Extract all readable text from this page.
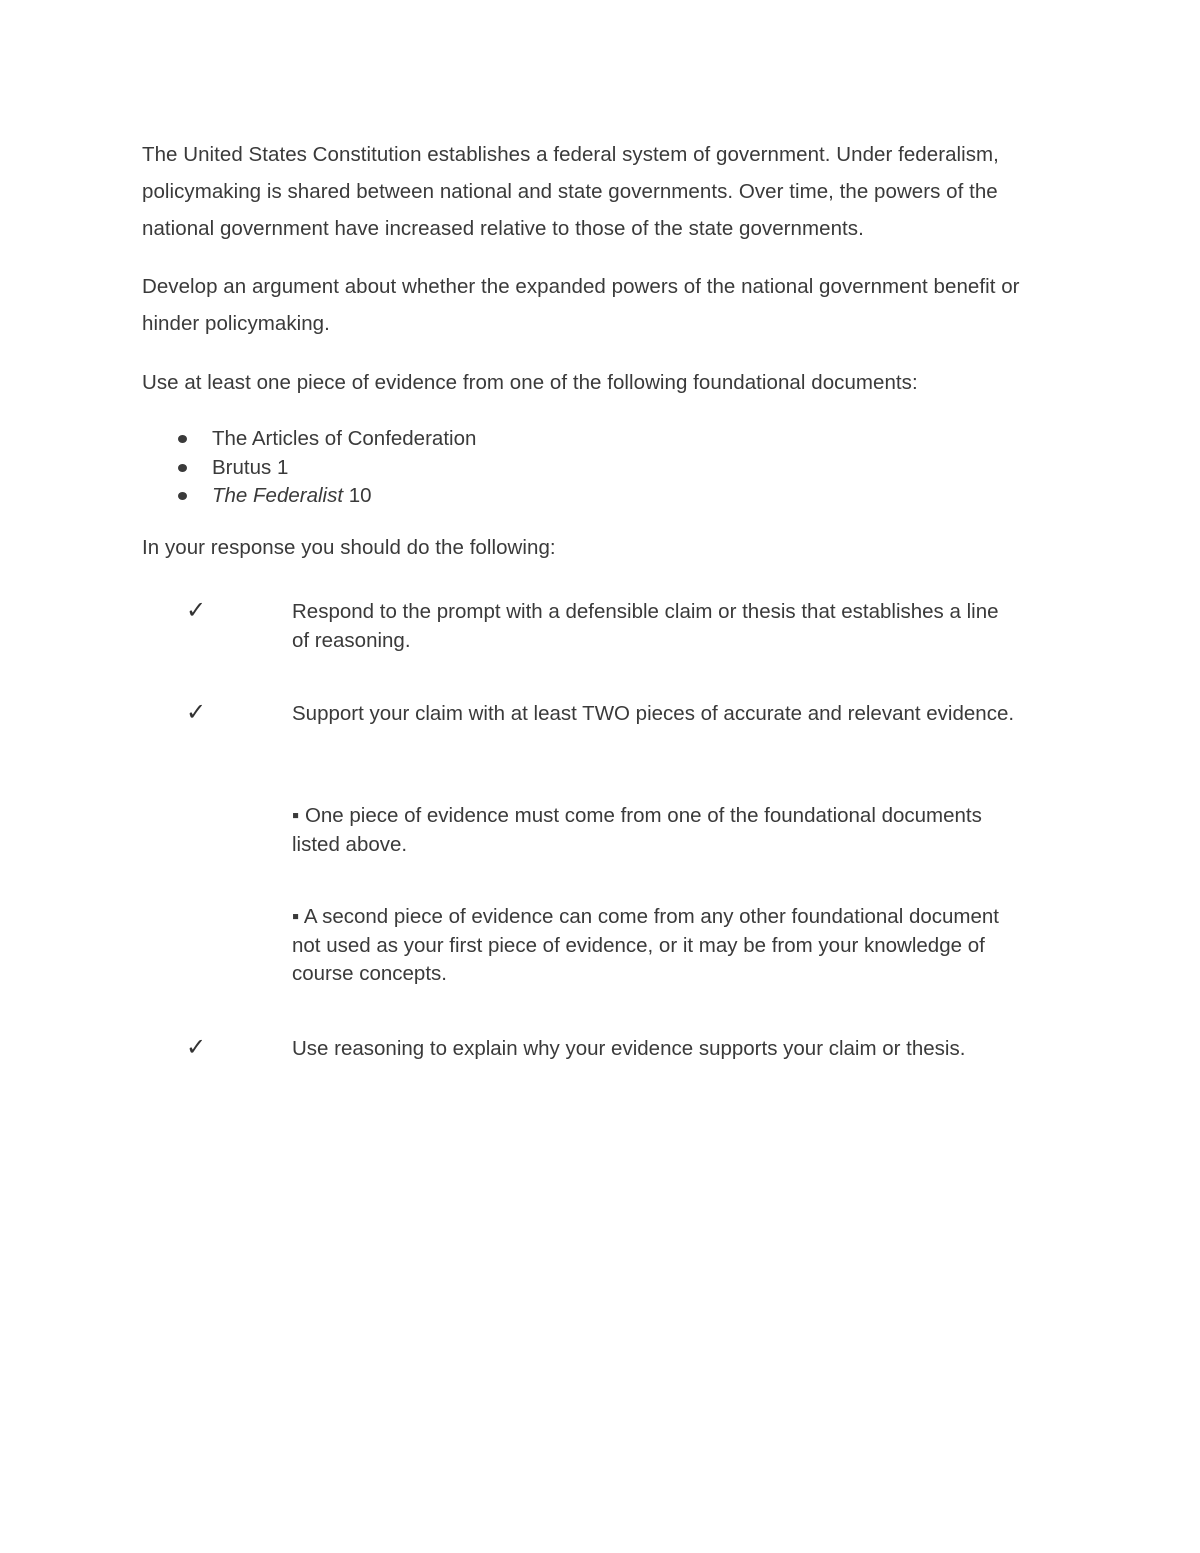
The United States Constitution establishes a federal system of government. Under federalism, policymaking is shared between national and state governments. Over time, the powers of the national government have increased relative to those of the state governments.

Develop an argument about whether the expanded powers of the national government benefit or hinder policymaking.

Use at least one piece of evidence from one of the following foundational documents:

The Articles of Confederation
Brutus 1
The Federalist 10

In your response you should do the following:

✓	Respond to the prompt with a defensible claim or thesis that establishes a line of reasoning.

✓	Support your claim with at least TWO pieces of accurate and relevant evidence.

▪ One piece of evidence must come from one of the foundational documents listed above.

▪ A second piece of evidence can come from any other foundational document not used as your first piece of evidence, or it may be from your knowledge of course concepts.

✓	Use reasoning to explain why your evidence supports your claim or thesis.
